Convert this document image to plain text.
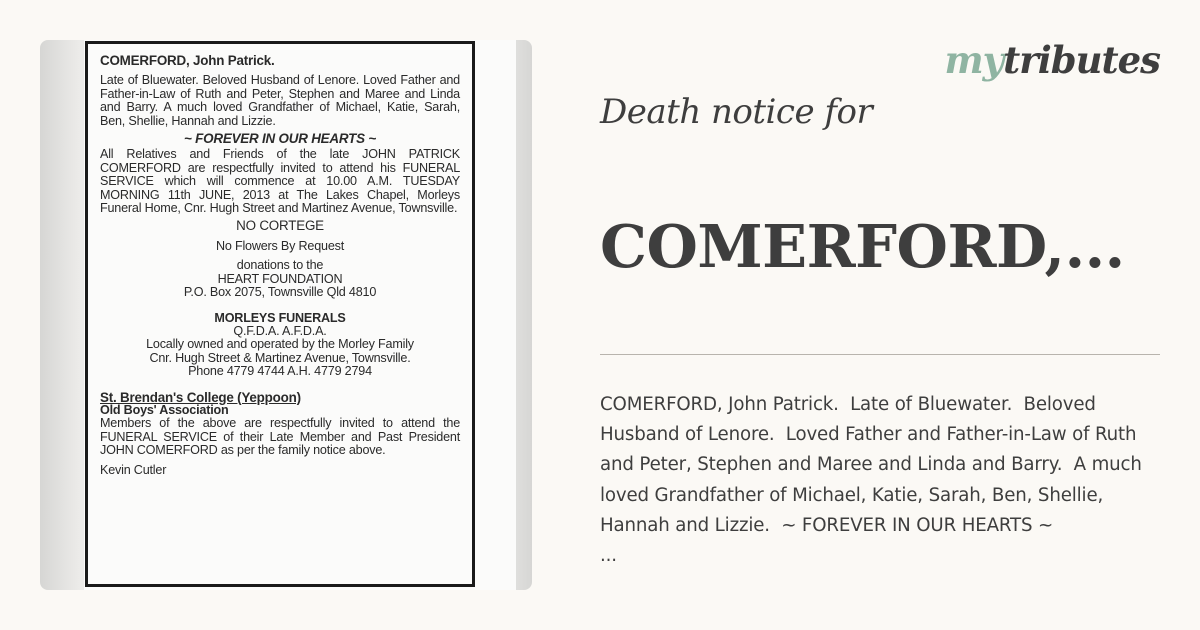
COMERFORD, John Patrick.
Late of Bluewater. Beloved Husband of Lenore. Loved Father and Father-in-Law of Ruth and Peter, Stephen and Maree and Linda and Barry. A much loved Grandfather of Michael, Katie, Sarah, Ben, Shellie, Hannah and Lizzie.
~ FOREVER IN OUR HEARTS ~
All Relatives and Friends of the late JOHN PATRICK COMERFORD are respectfully invited to attend his FUNERAL SERVICE which will commence at 10.00 A.M. TUESDAY MORNING 11th JUNE, 2013 at The Lakes Chapel, Morleys Funeral Home, Cnr. Hugh Street and Martinez Avenue, Townsville.
NO CORTEGE
No Flowers By Request
donations to the
HEART FOUNDATION
P.O. Box 2075, Townsville Qld 4810
MORLEYS FUNERALS
Q.F.D.A. A.F.D.A.
Locally owned and operated by the Morley Family
Cnr. Hugh Street & Martinez Avenue, Townsville.
Phone 4779 4744 A.H. 4779 2794
St. Brendan's College (Yeppoon)
Old Boys' Association
Members of the above are respectfully invited to attend the FUNERAL SERVICE of their Late Member and Past President JOHN COMERFORD as per the family notice above.
Kevin Cutler
mytributes
Death notice for
COMERFORD,...
COMERFORD, John Patrick.  Late of Bluewater.  Beloved Husband of Lenore.  Loved Father and Father-in-Law of Ruth and Peter, Stephen and Maree and Linda and Barry.  A much loved Grandfather of Michael, Katie, Sarah, Ben, Shellie, Hannah and Lizzie.  ~ FOREVER IN OUR HEARTS ~
...
